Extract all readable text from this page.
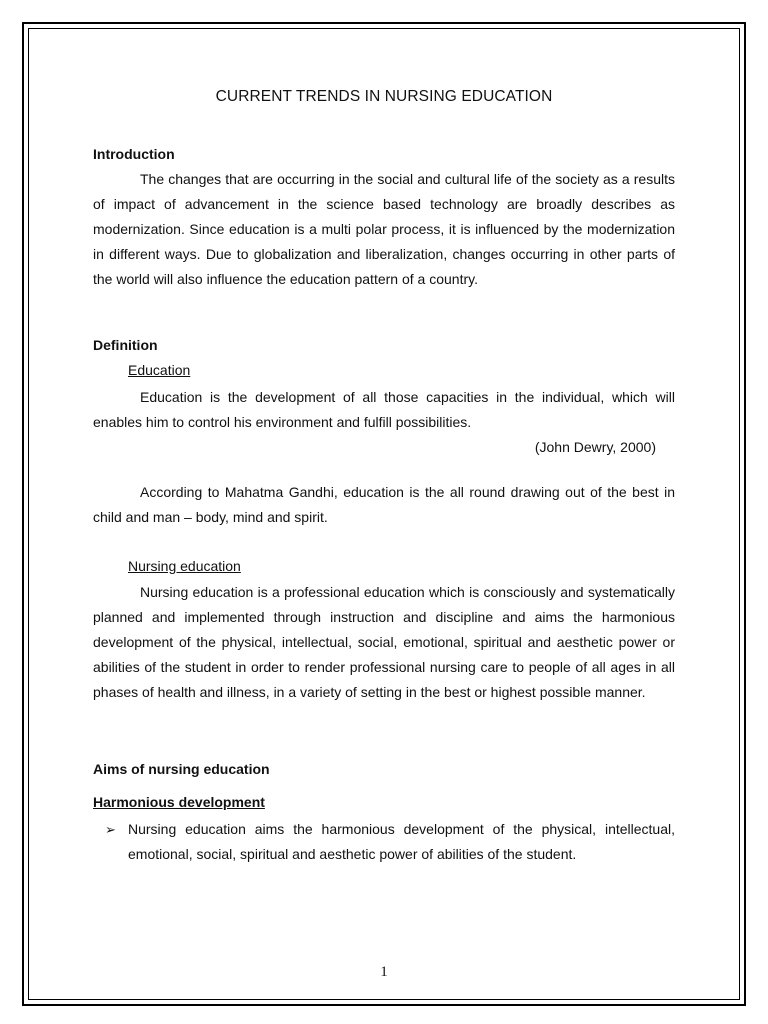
CURRENT TRENDS IN NURSING EDUCATION
Introduction

The changes that are occurring in the social and cultural life of the society as a results of impact of advancement in the science based technology are broadly describes as modernization. Since education is a multi polar process, it is influenced by the modernization in different ways. Due to globalization and liberalization, changes occurring in other parts of the world will also influence the education pattern of a country.

Definition
Education

Education is the development of all those capacities in the individual, which will enables him to control his environment and fulfill possibilities.

(John Dewry, 2000)

According to Mahatma Gandhi, education is the all round drawing out of the best in child and man – body, mind and spirit.

Nursing education

Nursing education is a professional education which is consciously and systematically planned and implemented through instruction and discipline and aims the harmonious development of the physical, intellectual, social, emotional, spiritual and aesthetic power or abilities of the student in order to render professional nursing care to people of all ages in all phases of health and illness, in a variety of setting in the best or highest possible manner.

Aims of nursing education
Harmonious development
➢ Nursing education aims the harmonious development of the physical, intellectual, emotional, social, spiritual and aesthetic power of abilities of the student.
1
